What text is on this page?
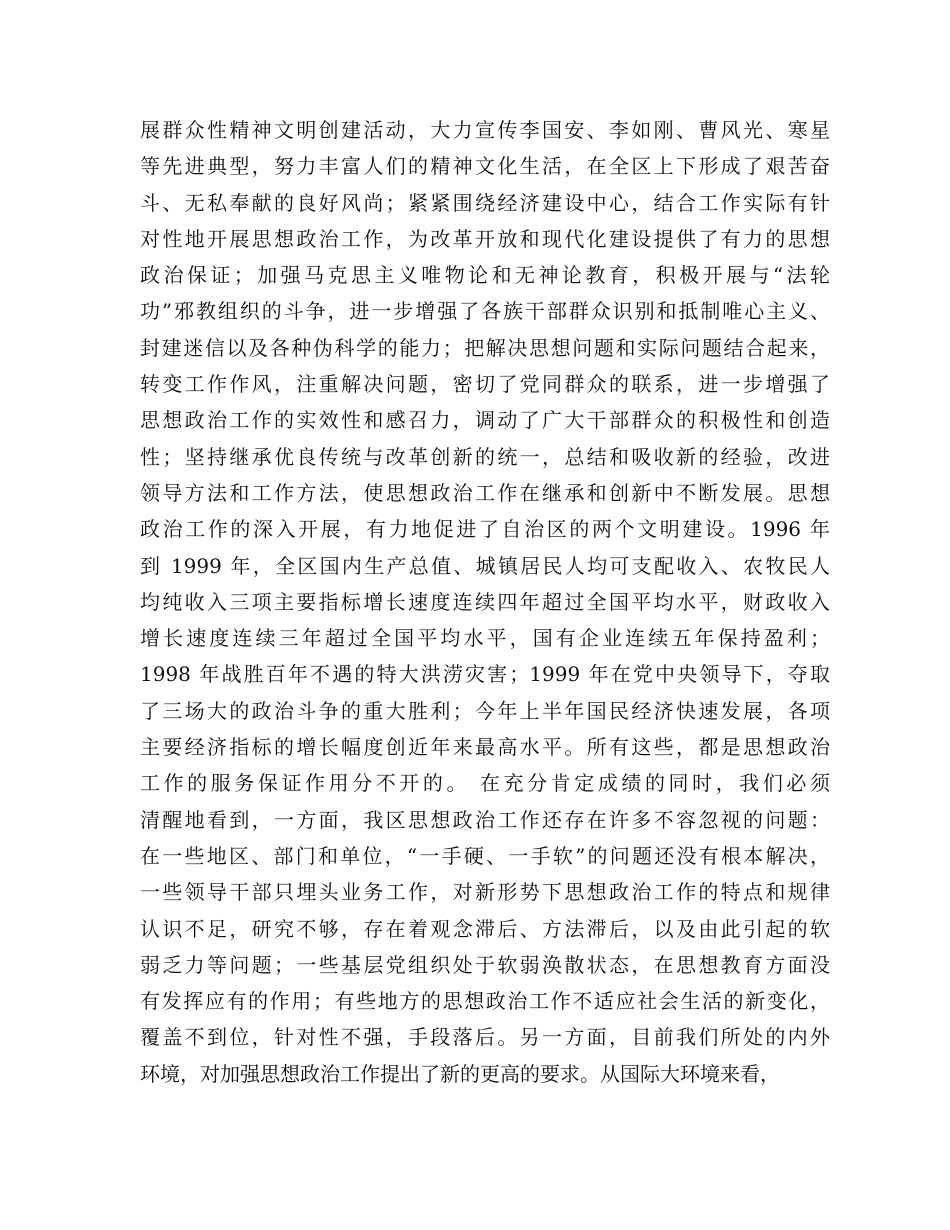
展群众性精神文明创建活动，大力宣传李国安、李如刚、曹风光、寒星
等先进典型，努力丰富人们的精神文化生活，在全区上下形成了艰苦奋
斗、无私奉献的良好风尚；紧紧围绕经济建设中心，结合工作实际有针
对性地开展思想政治工作，为改革开放和现代化建设提供了有力的思想
政治保证；加强马克思主义唯物论和无神论教育，积极开展与“法轮
功”邪教组织的斗争，进一步增强了各族干部群众识别和抵制唯心主义、
封建迷信以及各种伪科学的能力；把解决思想问题和实际问题结合起来，
转变工作作风，注重解决问题，密切了党同群众的联系，进一步增强了
思想政治工作的实效性和感召力，调动了广大干部群众的积极性和创造
性；坚持继承优良传统与改革创新的统一，总结和吸收新的经验，改进
领导方法和工作方法，使思想政治工作在继承和创新中不断发展。思想
政治工作的深入开展，有力地促进了自治区的两个文明建设。1996 年
到 1999 年，全区国内生产总值、城镇居民人均可支配收入、农牧民人
均纯收入三项主要指标增长速度连续四年超过全国平均水平，财政收入
增长速度连续三年超过全国平均水平，国有企业连续五年保持盈利；
1998 年战胜百年不遇的特大洪涝灾害；1999 年在党中央领导下，夺取
了三场大的政治斗争的重大胜利；今年上半年国民经济快速发展，各项
主要经济指标的增长幅度创近年来最高水平。所有这些，都是思想政治
工作的服务保证作用分不开的。 在充分肯定成绩的同时，我们必须
清醒地看到，一方面，我区思想政治工作还存在许多不容忽视的问题：
在一些地区、部门和单位，“一手硬、一手软”的问题还没有根本解决，
一些领导干部只埋头业务工作，对新形势下思想政治工作的特点和规律
认识不足，研究不够，存在着观念滞后、方法滞后，以及由此引起的软
弱乏力等问题；一些基层党组织处于软弱涣散状态，在思想教育方面没
有发挥应有的作用；有些地方的思想政治工作不适应社会生活的新变化，
覆盖不到位，针对性不强，手段落后。另一方面，目前我们所处的内外
环境，对加强思想政治工作提出了新的更高的要求。从国际大环境来看，
